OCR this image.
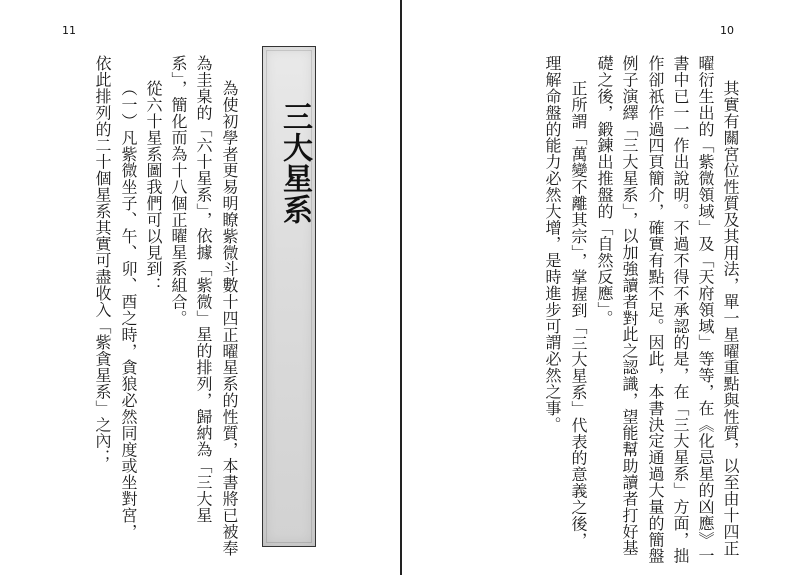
11
為使初學者更易明瞭紫微斗數十四正曜星系的性質，本書將已被奉
為圭臬的「六十星系」，依據「紫微」星的排列，歸納為「三大星
系」，簡化而為十八個正曜星系組合。
從六十星系圖我們可以見到：
（一）凡紫微坐子、午、卯、酉之時，貪狼必然同度或坐對宮，
依此排列的二十個星系其實可盡收入「紫貪星系」之內；	三大星系
10
其實有關宮位性質及其用法，單一星曜重點與性質，以至由十四正
曜衍生出的「紫微領域」及「天府領域」等等，在《化忌星的凶應》一
書中已一一作出說明。不過不得不承認的是，在「三大星系」方面，拙
作卻祇作過四頁簡介，確實有點不足。因此，本書決定通過大量的簡盤
例子演繹「三大星系」，以加強讀者對此之認識，望能幫助讀者打好基
礎之後，鍛鍊出推盤的「自然反應」。
正所謂「萬變不離其宗」，掌握到「三大星系」代表的意義之後，
理解命盤的能力必然大增，是時進步可謂必然之事。
